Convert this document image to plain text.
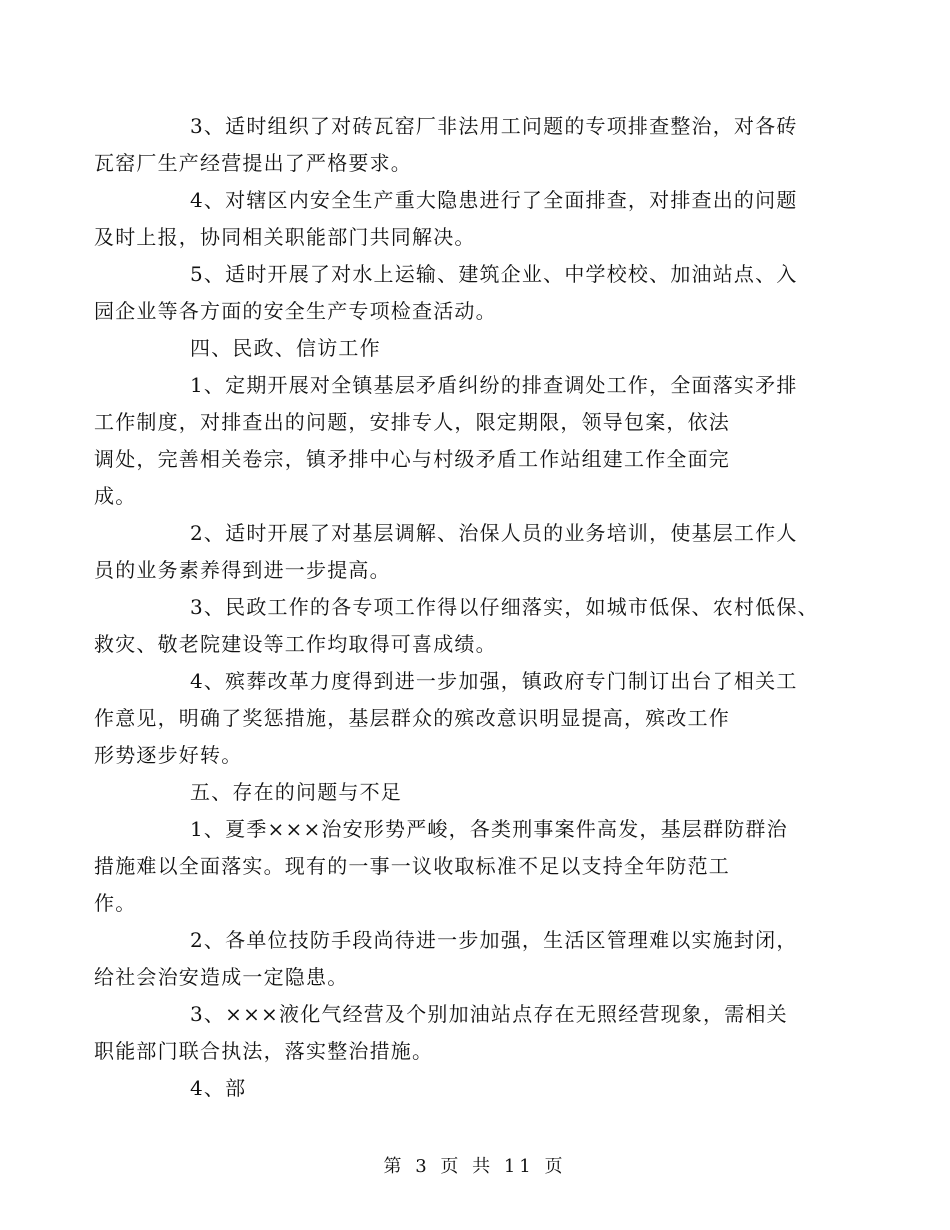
3、适时组织了对砖瓦窑厂非法用工问题的专项排查整治，对各砖
瓦窑厂生产经营提出了严格要求。

4、对辖区内安全生产重大隐患进行了全面排查，对排查出的问题
及时上报，协同相关职能部门共同解决。

5、适时开展了对水上运输、建筑企业、中学校校、加油站点、入
园企业等各方面的安全生产专项检查活动。

四、民政、信访工作

1、定期开展对全镇基层矛盾纠纷的排查调处工作，全面落实矛排
工作制度，对排查出的问题，安排专人，限定期限，领导包案，依法
调处，完善相关卷宗，镇矛排中心与村级矛盾工作站组建工作全面完
成。

2、适时开展了对基层调解、治保人员的业务培训，使基层工作人
员的业务素养得到进一步提高。

3、民政工作的各专项工作得以仔细落实，如城市低保、农村低保、
救灾、敬老院建设等工作均取得可喜成绩。

4、殡葬改革力度得到进一步加强，镇政府专门制订出台了相关工
作意见，明确了奖惩措施，基层群众的殡改意识明显提高，殡改工作
形势逐步好转。

五、存在的问题与不足

1、夏季×××治安形势严峻，各类刑事案件高发，基层群防群治
措施难以全面落实。现有的一事一议收取标准不足以支持全年防范工
作。

2、各单位技防手段尚待进一步加强，生活区管理难以实施封闭，
给社会治安造成一定隐患。

3、×××液化气经营及个别加油站点存在无照经营现象，需相关
职能部门联合执法，落实整治措施。

4、部

第 3 页 共 11 页
